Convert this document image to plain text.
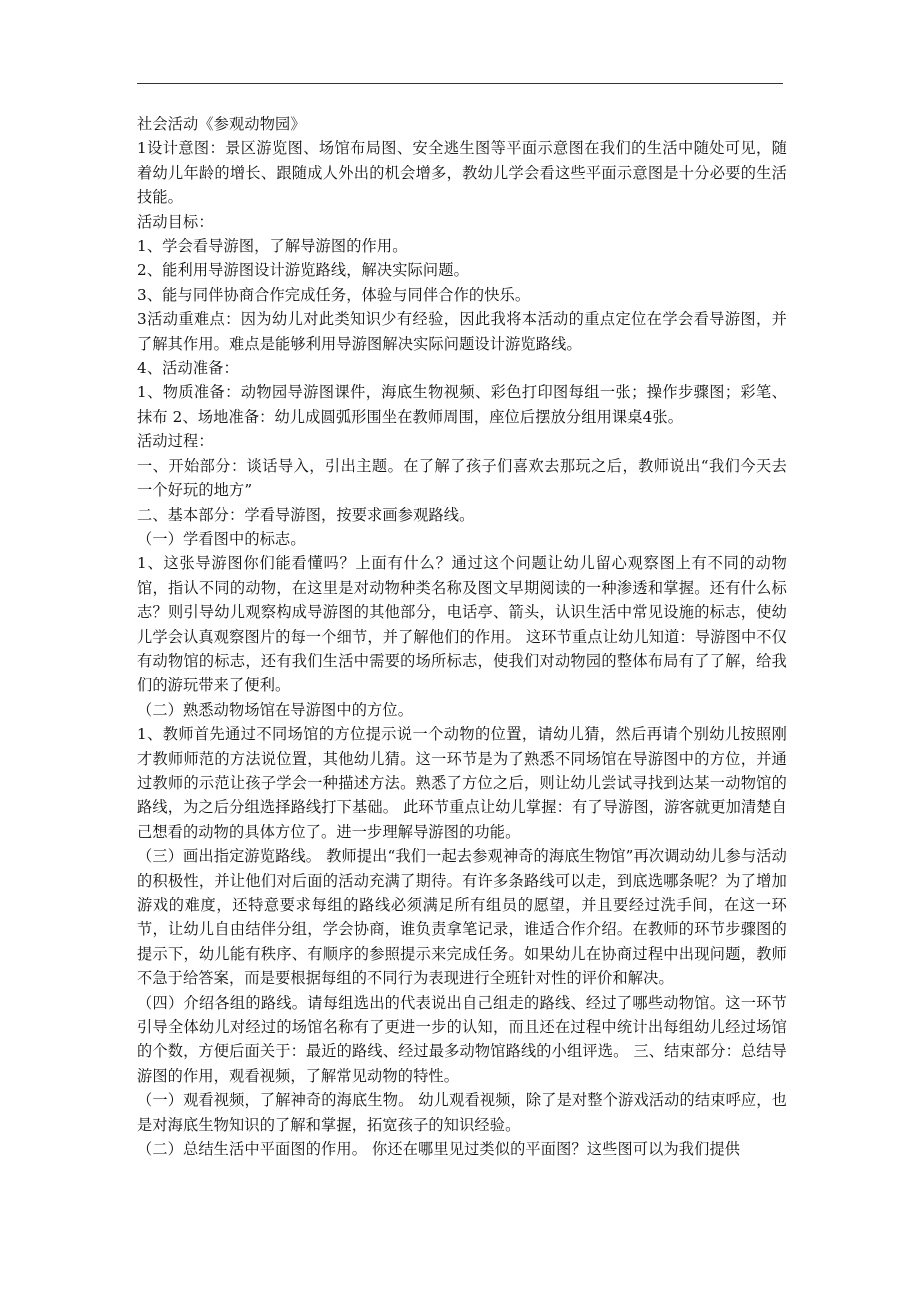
社会活动《参观动物园》

1设计意图：景区游览图、场馆布局图、安全逃生图等平面示意图在我们的生活中随处可见，随着幼儿年龄的增长、跟随成人外出的机会增多，教幼儿学会看这些平面示意图是十分必要的生活技能。

活动目标：

1、学会看导游图，了解导游图的作用。

2、能利用导游图设计游览路线，解决实际问题。

3、能与同伴协商合作完成任务，体验与同伴合作的快乐。

3活动重难点：因为幼儿对此类知识少有经验，因此我将本活动的重点定位在学会看导游图，并了解其作用。难点是能够利用导游图解决实际问题设计游览路线。

4、活动准备：

1、物质准备：动物园导游图课件，海底生物视频、彩色打印图每组一张；操作步骤图；彩笔、抹布 2、场地准备：幼儿成圆弧形围坐在教师周围，座位后摆放分组用课桌4张。

活动过程：

一、开始部分：谈话导入，引出主题。在了解了孩子们喜欢去那玩之后，教师说出“我们今天去一个好玩的地方”

二、基本部分：学看导游图，按要求画参观路线。

（一）学看图中的标志。

1、这张导游图你们能看懂吗？上面有什么？通过这个问题让幼儿留心观察图上有不同的动物馆，指认不同的动物，在这里是对动物种类名称及图文早期阅读的一种渗透和掌握。还有什么标志？则引导幼儿观察构成导游图的其他部分，电话亭、箭头，认识生活中常见设施的标志，使幼儿学会认真观察图片的每一个细节，并了解他们的作用。 这环节重点让幼儿知道：导游图中不仅有动物馆的标志，还有我们生活中需要的场所标志，使我们对动物园的整体布局有了了解，给我们的游玩带来了便利。

（二）熟悉动物场馆在导游图中的方位。

1、教师首先通过不同场馆的方位提示说一个动物的位置，请幼儿猜，然后再请个别幼儿按照刚才教师师范的方法说位置，其他幼儿猜。这一环节是为了熟悉不同场馆在导游图中的方位，并通过教师的示范让孩子学会一种描述方法。熟悉了方位之后，则让幼儿尝试寻找到达某一动物馆的路线，为之后分组选择路线打下基础。 此环节重点让幼儿掌握：有了导游图，游客就更加清楚自己想看的动物的具体方位了。进一步理解导游图的功能。

（三）画出指定游览路线。 教师提出“我们一起去参观神奇的海底生物馆”再次调动幼儿参与活动的积极性，并让他们对后面的活动充满了期待。有许多条路线可以走，到底选哪条呢？为了增加游戏的难度，还特意要求每组的路线必须满足所有组员的愿望，并且要经过洗手间，在这一环节，让幼儿自由结伴分组，学会协商，谁负责拿笔记录，谁适合作介绍。在教师的环节步骤图的提示下，幼儿能有秩序、有顺序的参照提示来完成任务。如果幼儿在协商过程中出现问题，教师不急于给答案，而是要根据每组的不同行为表现进行全班针对性的评价和解决。

（四）介绍各组的路线。请每组选出的代表说出自己组走的路线、经过了哪些动物馆。这一环节引导全体幼儿对经过的场馆名称有了更进一步的认知，而且还在过程中统计出每组幼儿经过场馆的个数，方便后面关于：最近的路线、经过最多动物馆路线的小组评选。 三、结束部分：总结导游图的作用，观看视频，了解常见动物的特性。

（一）观看视频，了解神奇的海底生物。 幼儿观看视频，除了是对整个游戏活动的结束呼应，也是对海底生物知识的了解和掌握，拓宽孩子的知识经验。

（二）总结生活中平面图的作用。 你还在哪里见过类似的平面图？这些图可以为我们提供
